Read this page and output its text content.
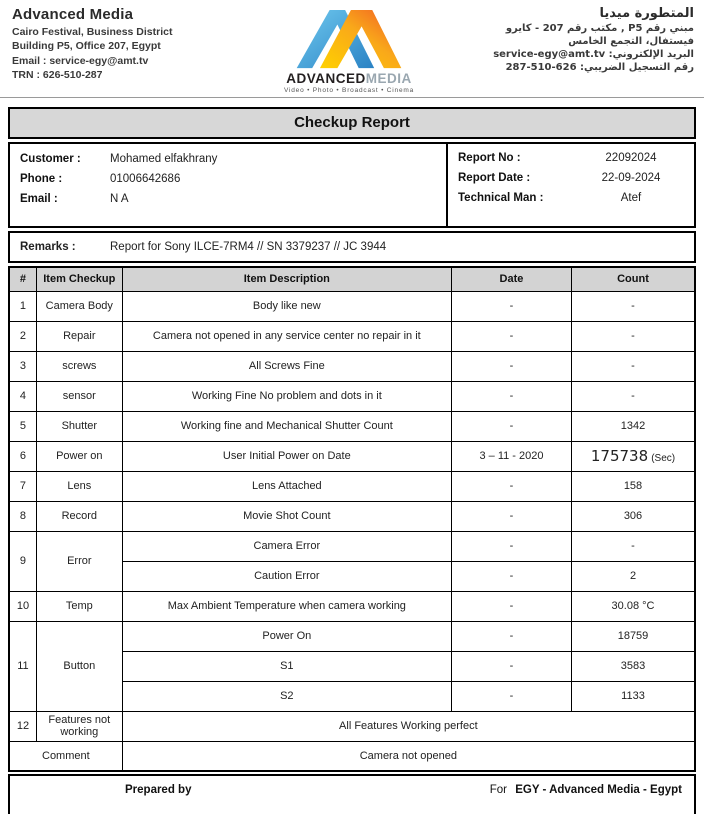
Advanced Media
Cairo Festival, Business District
Building P5, Office 207, Egypt
Email : service-egy@amt.tv
TRN : 626-510-287	ADVANCEDMEDIA
Video • Photo • Broadcast • Cinema
المتطورة ميديا
مبني رقم P5 , مكتب رقم 207 - كايرو
فيستفال، التجمع الخامس
البريد الإلكتروني: service-egy@amt.tv
رقم التسجيل الضريبي: 626-510-287
Checkup Report
Customer :	Mohamed elfakhrany
Phone :	01006642686
Email :	N A
Report No :	22092024
Report Date :	22-09-2024
Technical Man :	Atef
Remarks :	Report for Sony ILCE-7RM4 // SN 3379237 // JC 3944
#	Item Checkup	Item Description	Date	Count
1	Camera Body	Body like new	-	-
2	Repair	Camera not opened in any service center no repair in it	-	-
3	screws	All Screws Fine	-	-
4	sensor	Working Fine No problem and dots in it	-	-
5	Shutter	Working fine and Mechanical Shutter Count	-	1342
6	Power on	User Initial Power on Date	3 – 11 - 2020	175738 (Sec)
7	Lens	Lens Attached	-	158
8	Record	Movie Shot Count	-	306
9	Error	Camera Error	-	-
		Caution Error	-	2
10	Temp	Max Ambient Temperature when camera working	-	30.08 °C
11	Button	Power On	-	18759
		S1	-	3583
		S2	-	1133
12	Features not working	All Features Working perfect		
Comment		Camera not opened		
Prepared by	For EGY - Advanced Media - Egypt
